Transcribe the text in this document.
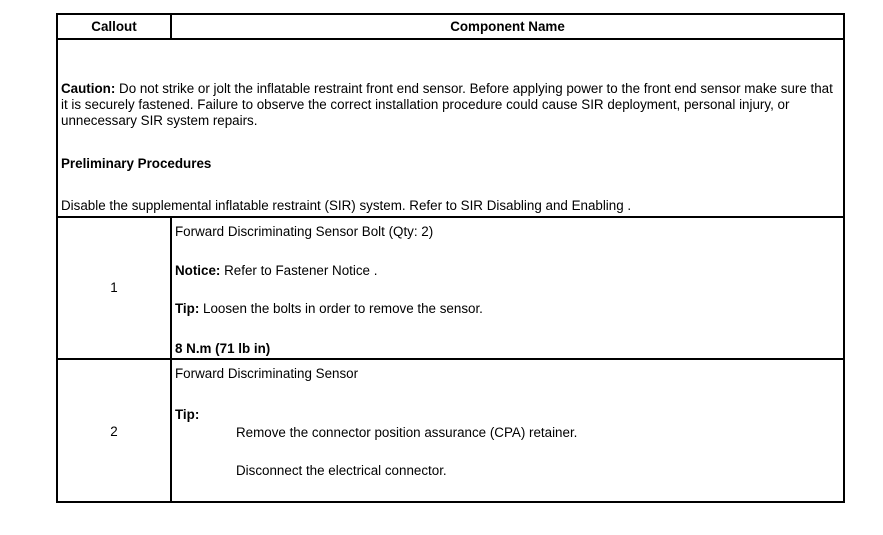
Callout	Component Name
Caution: Do not strike or jolt the inflatable restraint front end sensor. Before applying power to the front end sensor make sure that it is securely fastened. Failure to observe the correct installation procedure could cause SIR deployment, personal injury, or unnecessary SIR system repairs.
Preliminary Procedures
Disable the supplemental inflatable restraint (SIR) system. Refer to SIR Disabling and Enabling .
1
Forward Discriminating Sensor Bolt (Qty: 2)
Notice: Refer to Fastener Notice .
Tip: Loosen the bolts in order to remove the sensor.
8 N.m (71 lb in)
2
Forward Discriminating Sensor
Tip:
Remove the connector position assurance (CPA) retainer.
Disconnect the electrical connector.
